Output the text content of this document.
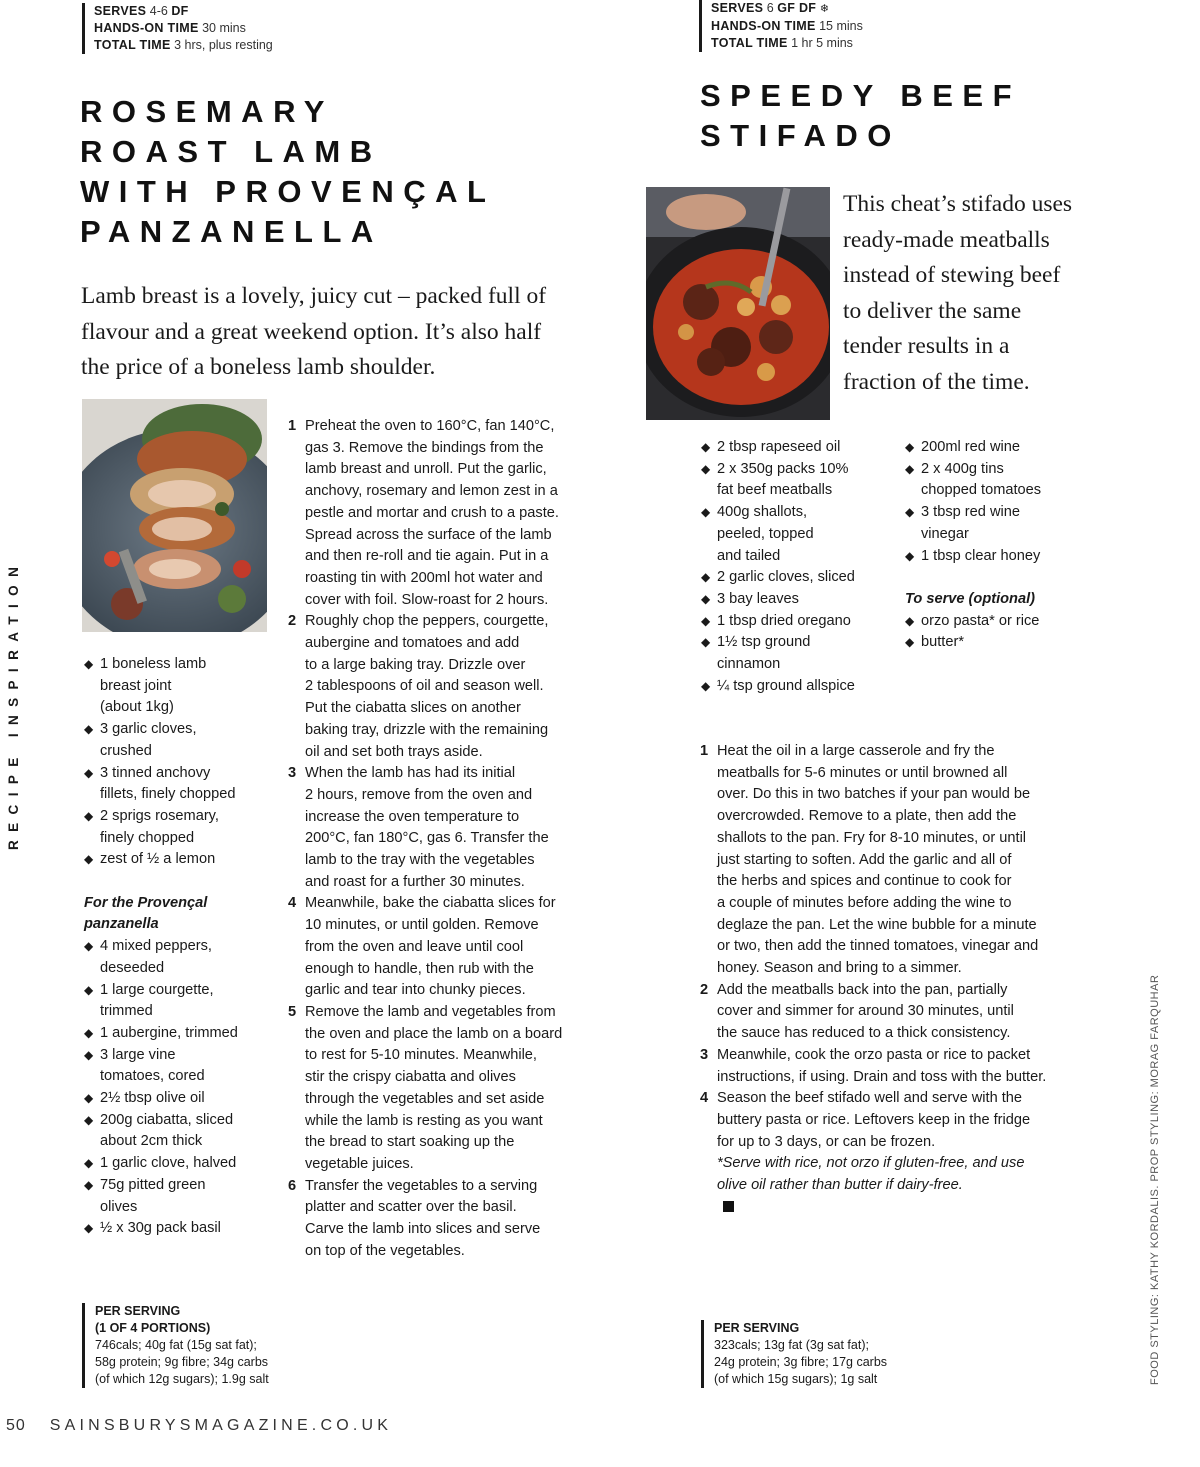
SERVES 4-6 DF
HANDS-ON TIME 30 mins
TOTAL TIME 3 hrs, plus resting
SERVES 6 GF DF ❄
HANDS-ON TIME 15 mins
TOTAL TIME 1 hr 5 mins
ROSEMARY
ROAST LAMB
WITH PROVENÇAL
PANZANELLA
SPEEDY BEEF
STIFADO
Lamb breast is a lovely, juicy cut – packed full of
flavour and a great weekend option. It’s also half
the price of a boneless lamb shoulder.
This cheat’s stifado uses
ready-made meatballs
instead of stewing beef
to deliver the same
tender results in a
fraction of the time.
◆ 1 boneless lamb
breast joint
(about 1kg)
◆ 3 garlic cloves,
crushed
◆ 3 tinned anchovy
fillets, finely chopped
◆ 2 sprigs rosemary,
finely chopped
◆ zest of ½ a lemon
For the Provençal
panzanella
◆ 4 mixed peppers,
deseeded
◆ 1 large courgette,
trimmed
◆ 1 aubergine, trimmed
◆ 3 large vine
tomatoes, cored
◆ 2½ tbsp olive oil
◆ 200g ciabatta, sliced
about 2cm thick
◆ 1 garlic clove, halved
◆ 75g pitted green
olives
◆ ½ x 30g pack basil
1 Preheat the oven to 160°C, fan 140°C,
gas 3. Remove the bindings from the
lamb breast and unroll. Put the garlic,
anchovy, rosemary and lemon zest in a
pestle and mortar and crush to a paste.
Spread across the surface of the lamb
and then re-roll and tie again. Put in a
roasting tin with 200ml hot water and
cover with foil. Slow-roast for 2 hours.
2 Roughly chop the peppers, courgette,
aubergine and tomatoes and add
to a large baking tray. Drizzle over
2 tablespoons of oil and season well.
Put the ciabatta slices on another
baking tray, drizzle with the remaining
oil and set both trays aside.
3 When the lamb has had its initial
2 hours, remove from the oven and
increase the oven temperature to
200°C, fan 180°C, gas 6. Transfer the
lamb to the tray with the vegetables
and roast for a further 30 minutes.
4 Meanwhile, bake the ciabatta slices for
10 minutes, or until golden. Remove
from the oven and leave until cool
enough to handle, then rub with the
garlic and tear into chunky pieces.
5 Remove the lamb and vegetables from
the oven and place the lamb on a board
to rest for 5-10 minutes. Meanwhile,
stir the crispy ciabatta and olives
through the vegetables and set aside
while the lamb is resting as you want
the bread to start soaking up the
vegetable juices.
6 Transfer the vegetables to a serving
platter and scatter over the basil.
Carve the lamb into slices and serve
on top of the vegetables.
◆ 2 tbsp rapeseed oil
◆ 2 x 350g packs 10%
fat beef meatballs
◆ 400g shallots,
peeled, topped
and tailed
◆ 2 garlic cloves, sliced
◆ 3 bay leaves
◆ 1 tbsp dried oregano
◆ 1½ tsp ground
cinnamon
◆ ¼ tsp ground allspice
◆ 200ml red wine
◆ 2 x 400g tins
chopped tomatoes
◆ 3 tbsp red wine
vinegar
◆ 1 tbsp clear honey
To serve (optional)
◆ orzo pasta* or rice
◆ butter*
1 Heat the oil in a large casserole and fry the
meatballs for 5-6 minutes or until browned all
over. Do this in two batches if your pan would be
overcrowded. Remove to a plate, then add the
shallots to the pan. Fry for 8-10 minutes, or until
just starting to soften. Add the garlic and all of
the herbs and spices and continue to cook for
a couple of minutes before adding the wine to
deglaze the pan. Let the wine bubble for a minute
or two, then add the tinned tomatoes, vinegar and
honey. Season and bring to a simmer.
2 Add the meatballs back into the pan, partially
cover and simmer for around 30 minutes, until
the sauce has reduced to a thick consistency.
3 Meanwhile, cook the orzo pasta or rice to packet
instructions, if using. Drain and toss with the butter.
4 Season the beef stifado well and serve with the
buttery pasta or rice. Leftovers keep in the fridge
for up to 3 days, or can be frozen.
*Serve with rice, not orzo if gluten-free, and use
olive oil rather than butter if dairy-free.
PER SERVING
(1 OF 4 PORTIONS)
746cals; 40g fat (15g sat fat);
58g protein; 9g fibre; 34g carbs
(of which 12g sugars); 1.9g salt
PER SERVING
323cals; 13g fat (3g sat fat);
24g protein; 3g fibre; 17g carbs
(of which 15g sugars); 1g salt
RECIPE INSPIRATION
FOOD STYLING: KATHY KORDALIS. PROP STYLING: MORAG FARQUHAR
50 SAINSBURYSMAGAZINE.CO.UK
